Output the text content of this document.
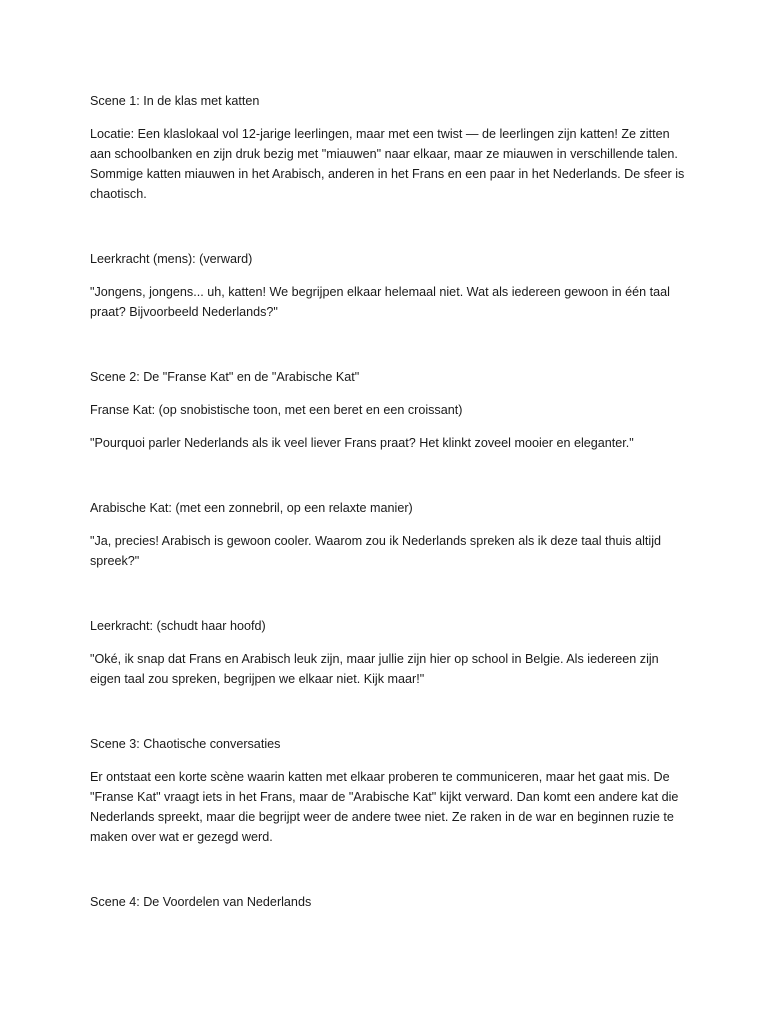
Scene 1: In de klas met katten

Locatie: Een klaslokaal vol 12-jarige leerlingen, maar met een twist — de leerlingen zijn katten! Ze zitten aan schoolbanken en zijn druk bezig met "miauwen" naar elkaar, maar ze miauwen in verschillende talen. Sommige katten miauwen in het Arabisch, anderen in het Frans en een paar in het Nederlands. De sfeer is chaotisch.

Leerkracht (mens): (verward)

"Jongens, jongens... uh, katten! We begrijpen elkaar helemaal niet. Wat als iedereen gewoon in één taal praat? Bijvoorbeeld Nederlands?"

Scene 2: De "Franse Kat" en de "Arabische Kat"

Franse Kat: (op snobistische toon, met een beret en een croissant)

"Pourquoi parler Nederlands als ik veel liever Frans praat? Het klinkt zoveel mooier en eleganter."

Arabische Kat: (met een zonnebril, op een relaxte manier)

"Ja, precies! Arabisch is gewoon cooler. Waarom zou ik Nederlands spreken als ik deze taal thuis altijd spreek?"

Leerkracht: (schudt haar hoofd)

"Oké, ik snap dat Frans en Arabisch leuk zijn, maar jullie zijn hier op school in Belgie. Als iedereen zijn eigen taal zou spreken, begrijpen we elkaar niet. Kijk maar!"

Scene 3: Chaotische conversaties

Er ontstaat een korte scène waarin katten met elkaar proberen te communiceren, maar het gaat mis. De "Franse Kat" vraagt iets in het Frans, maar de "Arabische Kat" kijkt verward. Dan komt een andere kat die Nederlands spreekt, maar die begrijpt weer de andere twee niet. Ze raken in de war en beginnen ruzie te maken over wat er gezegd werd.

Scene 4: De Voordelen van Nederlands
